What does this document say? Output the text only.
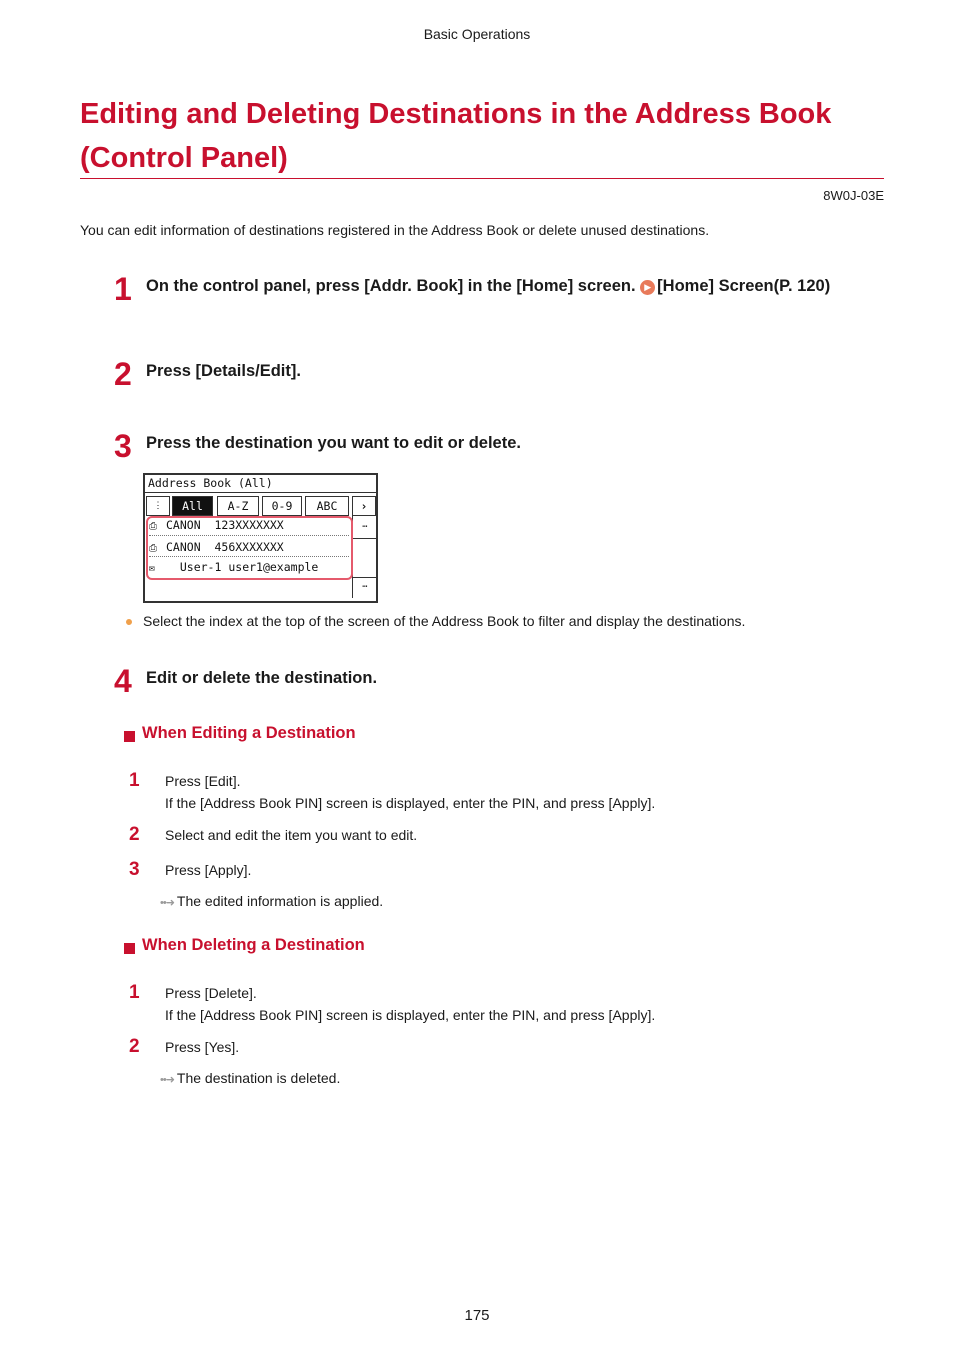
Basic Operations
Editing and Deleting Destinations in the Address Book (Control Panel)
8W0J-03E
You can edit information of destinations registered in the Address Book or delete unused destinations.
1 On the control panel, press [Addr. Book] in the [Home] screen. ▶ [Home] Screen(P. 120)
2 Press [Details/Edit].
3 Press the destination you want to edit or delete.
Address Book (All)
⋮	All	A-Z	0-9	ABC	›
⋯
⋯
⎙ CANON 123XXXXXXX
⎙ CANON 456XXXXXXX
✉ User-1 user1@example
Select the index at the top of the screen of the Address Book to filter and display the destinations.
4 Edit or delete the destination.
When Editing a Destination
1 Press [Edit].
If the [Address Book PIN] screen is displayed, enter the PIN, and press [Apply].
2 Select and edit the item you want to edit.
3 Press [Apply].
••➜ The edited information is applied.
When Deleting a Destination
1 Press [Delete].
If the [Address Book PIN] screen is displayed, enter the PIN, and press [Apply].
2 Press [Yes].
••➜ The destination is deleted.
175
